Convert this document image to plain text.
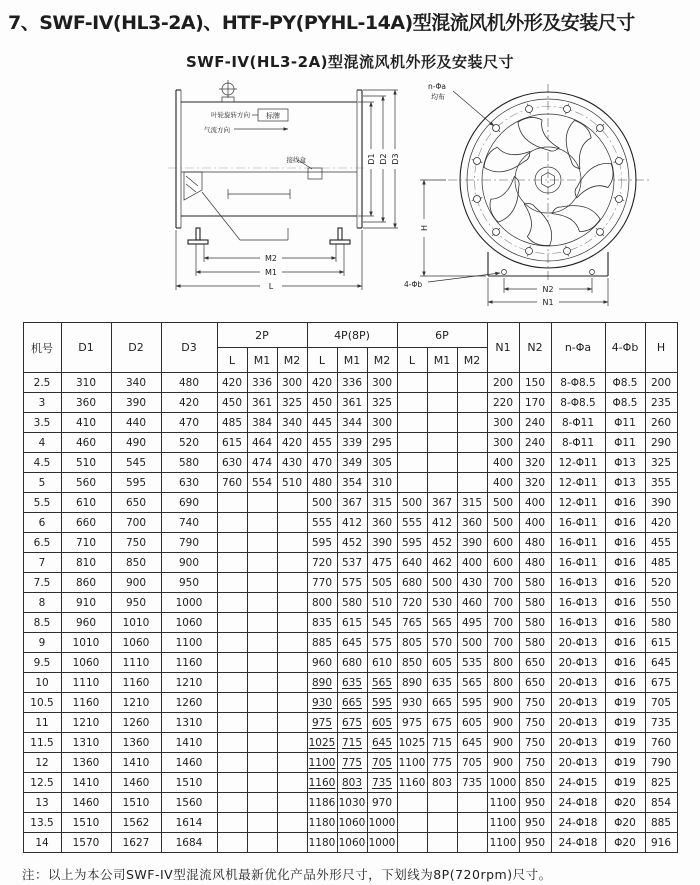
7、SWF-IV(HL3-2A)、HTF-PY(PYHL-14A)型混流风机外形及安装尺寸
SWF-IV(HL3-2A)型混流风机外形及安装尺寸
叶轮旋转方向 标牌
气流方向
接线盒
M2
M1
L
D1 D2 D3
n-Φa
均布
4-Φb
H
N2
N1
机号	D1	D2	D3	2P			4P(8P)			6P			N1	N2	n-Φa	4-Φb	H
				L	M1	M2	L	M1	M2	L	M1	M2					
2.5	310	340	480	420	336	300	420	336	300				200	150	8-Φ8.5	Φ8.5	200
3	360	390	420	450	361	325	450	361	325				220	170	8-Φ8.5	Φ8.5	235
3.5	410	440	470	485	384	340	445	344	300				300	240	8-Φ11	Φ11	260
4	460	490	520	615	464	420	455	339	295				300	240	8-Φ11	Φ11	290
4.5	510	545	580	630	474	430	470	349	305				400	320	12-Φ11	Φ13	325
5	560	595	630	760	554	510	480	354	310				400	320	12-Φ11	Φ13	355
5.5	610	650	690				500	367	315	500	367	315	500	400	12-Φ11	Φ16	390
6	660	700	740				555	412	360	555	412	360	500	400	16-Φ11	Φ16	420
6.5	710	750	790				595	452	390	595	452	390	600	480	16-Φ11	Φ16	455
7	810	850	900				720	537	475	640	462	400	600	480	16-Φ11	Φ16	485
7.5	860	900	950				770	575	505	680	500	430	700	580	16-Φ13	Φ16	520
8	910	950	1000				800	580	510	720	530	460	700	580	16-Φ13	Φ16	550
8.5	960	1010	1060				835	615	545	765	565	495	700	580	16-Φ13	Φ16	580
9	1010	1060	1100				885	645	575	805	570	500	700	580	20-Φ13	Φ16	615
9.5	1060	1110	1160				960	680	610	850	605	535	800	650	20-Φ13	Φ16	645
10	1110	1160	1210				890	635	565	890	635	565	800	650	20-Φ13	Φ16	675
10.5	1160	1210	1260				930	665	595	930	665	595	900	750	20-Φ13	Φ19	705
11	1210	1260	1310				975	675	605	975	675	605	900	750	20-Φ13	Φ19	735
11.5	1310	1360	1410				1025	715	645	1025	715	645	900	750	20-Φ13	Φ19	760
12	1360	1410	1460				1100	775	705	1100	775	705	900	750	20-Φ13	Φ19	790
12.5	1410	1460	1510				1160	803	735	1160	803	735	1000	850	24-Φ15	Φ19	825
13	1460	1510	1560				1186	1030	970				1100	950	24-Φ18	Φ20	854
13.5	1510	1562	1614				1180	1060	1000				1100	950	24-Φ18	Φ20	885
14	1570	1627	1684				1180	1060	1000				1100	950	24-Φ18	Φ20	916
注：以上为本公司SWF-IV型混流风机最新优化产品外形尺寸，下划线为8P(720rpm)尺寸。
